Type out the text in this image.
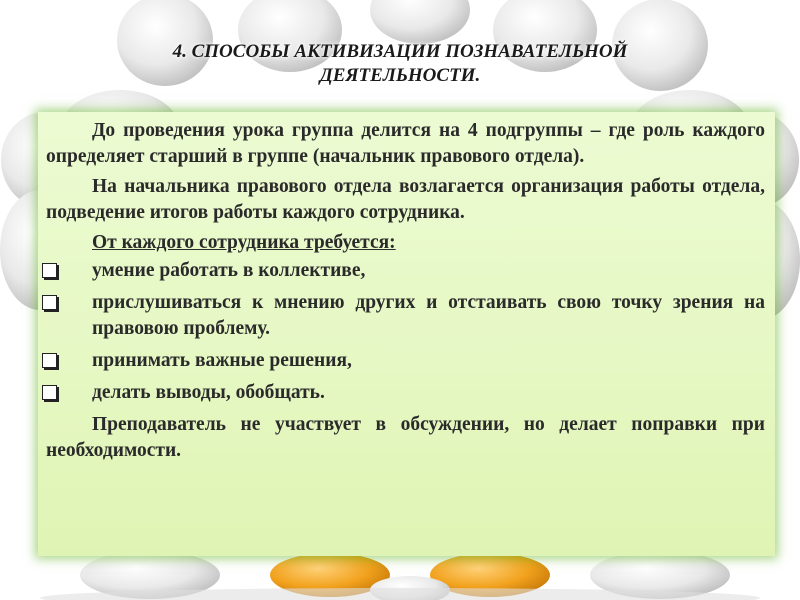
4. СПОСОБЫ АКТИВИЗАЦИИ ПОЗНАВАТЕЛЬНОЙ
ДЕЯТЕЛЬНОСТИ.

До проведения урока группа делится на 4 подгруппы – где роль каждого определяет старший в группе (начальник правового отдела).

На начальника правового отдела возлагается организация работы отдела, подведение итогов работы каждого сотрудника.

От каждого сотрудника требуется:
умение работать в коллективе,
прислушиваться к мнению других и отстаивать свою точку зрения на правовою проблему.
принимать важные решения,
делать выводы, обобщать.

Преподаватель не участвует в обсуждении, но делает поправки при необходимости.
